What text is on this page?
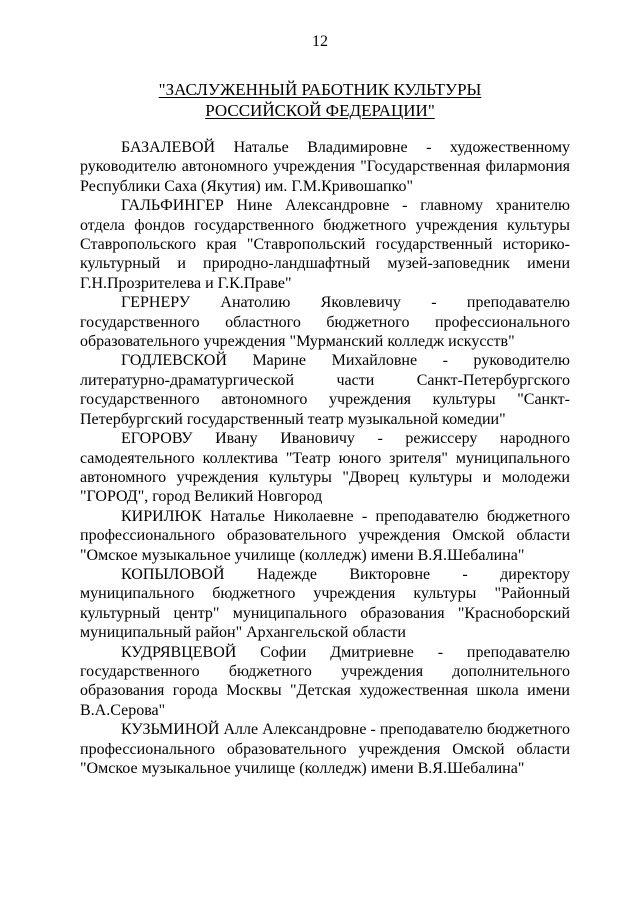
12
"ЗАСЛУЖЕННЫЙ РАБОТНИК КУЛЬТУРЫ
РОССИЙСКОЙ ФЕДЕРАЦИИ"

БАЗАЛЕВОЙ Наталье Владимировне - художественному руководителю автономного учреждения "Государственная филармония Республики Саха (Якутия) им. Г.М.Кривошапко"

ГАЛЬФИНГЕР Нине Александровне - главному хранителю отдела фондов государственного бюджетного учреждения культуры Ставропольского края "Ставропольский государственный историко-культурный и природно-ландшафтный музей-заповедник имени Г.Н.Прозрителева и Г.К.Праве"

ГЕРНЕРУ Анатолию Яковлевичу - преподавателю государственного областного бюджетного профессионального образовательного учреждения "Мурманский колледж искусств"

ГОДЛЕВСКОЙ Марине Михайловне - руководителю литературно-драматургической части Санкт-Петербургского государственного автономного учреждения культуры "Санкт-Петербургский государственный театр музыкальной комедии"

ЕГОРОВУ Ивану Ивановичу - режиссеру народного самодеятельного коллектива "Театр юного зрителя" муниципального автономного учреждения культуры "Дворец культуры и молодежи "ГОРОД", город Великий Новгород

КИРИЛЮК Наталье Николаевне - преподавателю бюджетного профессионального образовательного учреждения Омской области "Омское музыкальное училище (колледж) имени В.Я.Шебалина"

КОПЫЛОВОЙ Надежде Викторовне - директору муниципального бюджетного учреждения культуры "Районный культурный центр" муниципального образования "Красноборский муниципальный район" Архангельской области

КУДРЯВЦЕВОЙ Софии Дмитриевне - преподавателю государственного бюджетного учреждения дополнительного образования города Москвы "Детская художественная школа имени В.А.Серова"

КУЗЬМИНОЙ Алле Александровне - преподавателю бюджетного профессионального образовательного учреждения Омской области "Омское музыкальное училище (колледж) имени В.Я.Шебалина"
